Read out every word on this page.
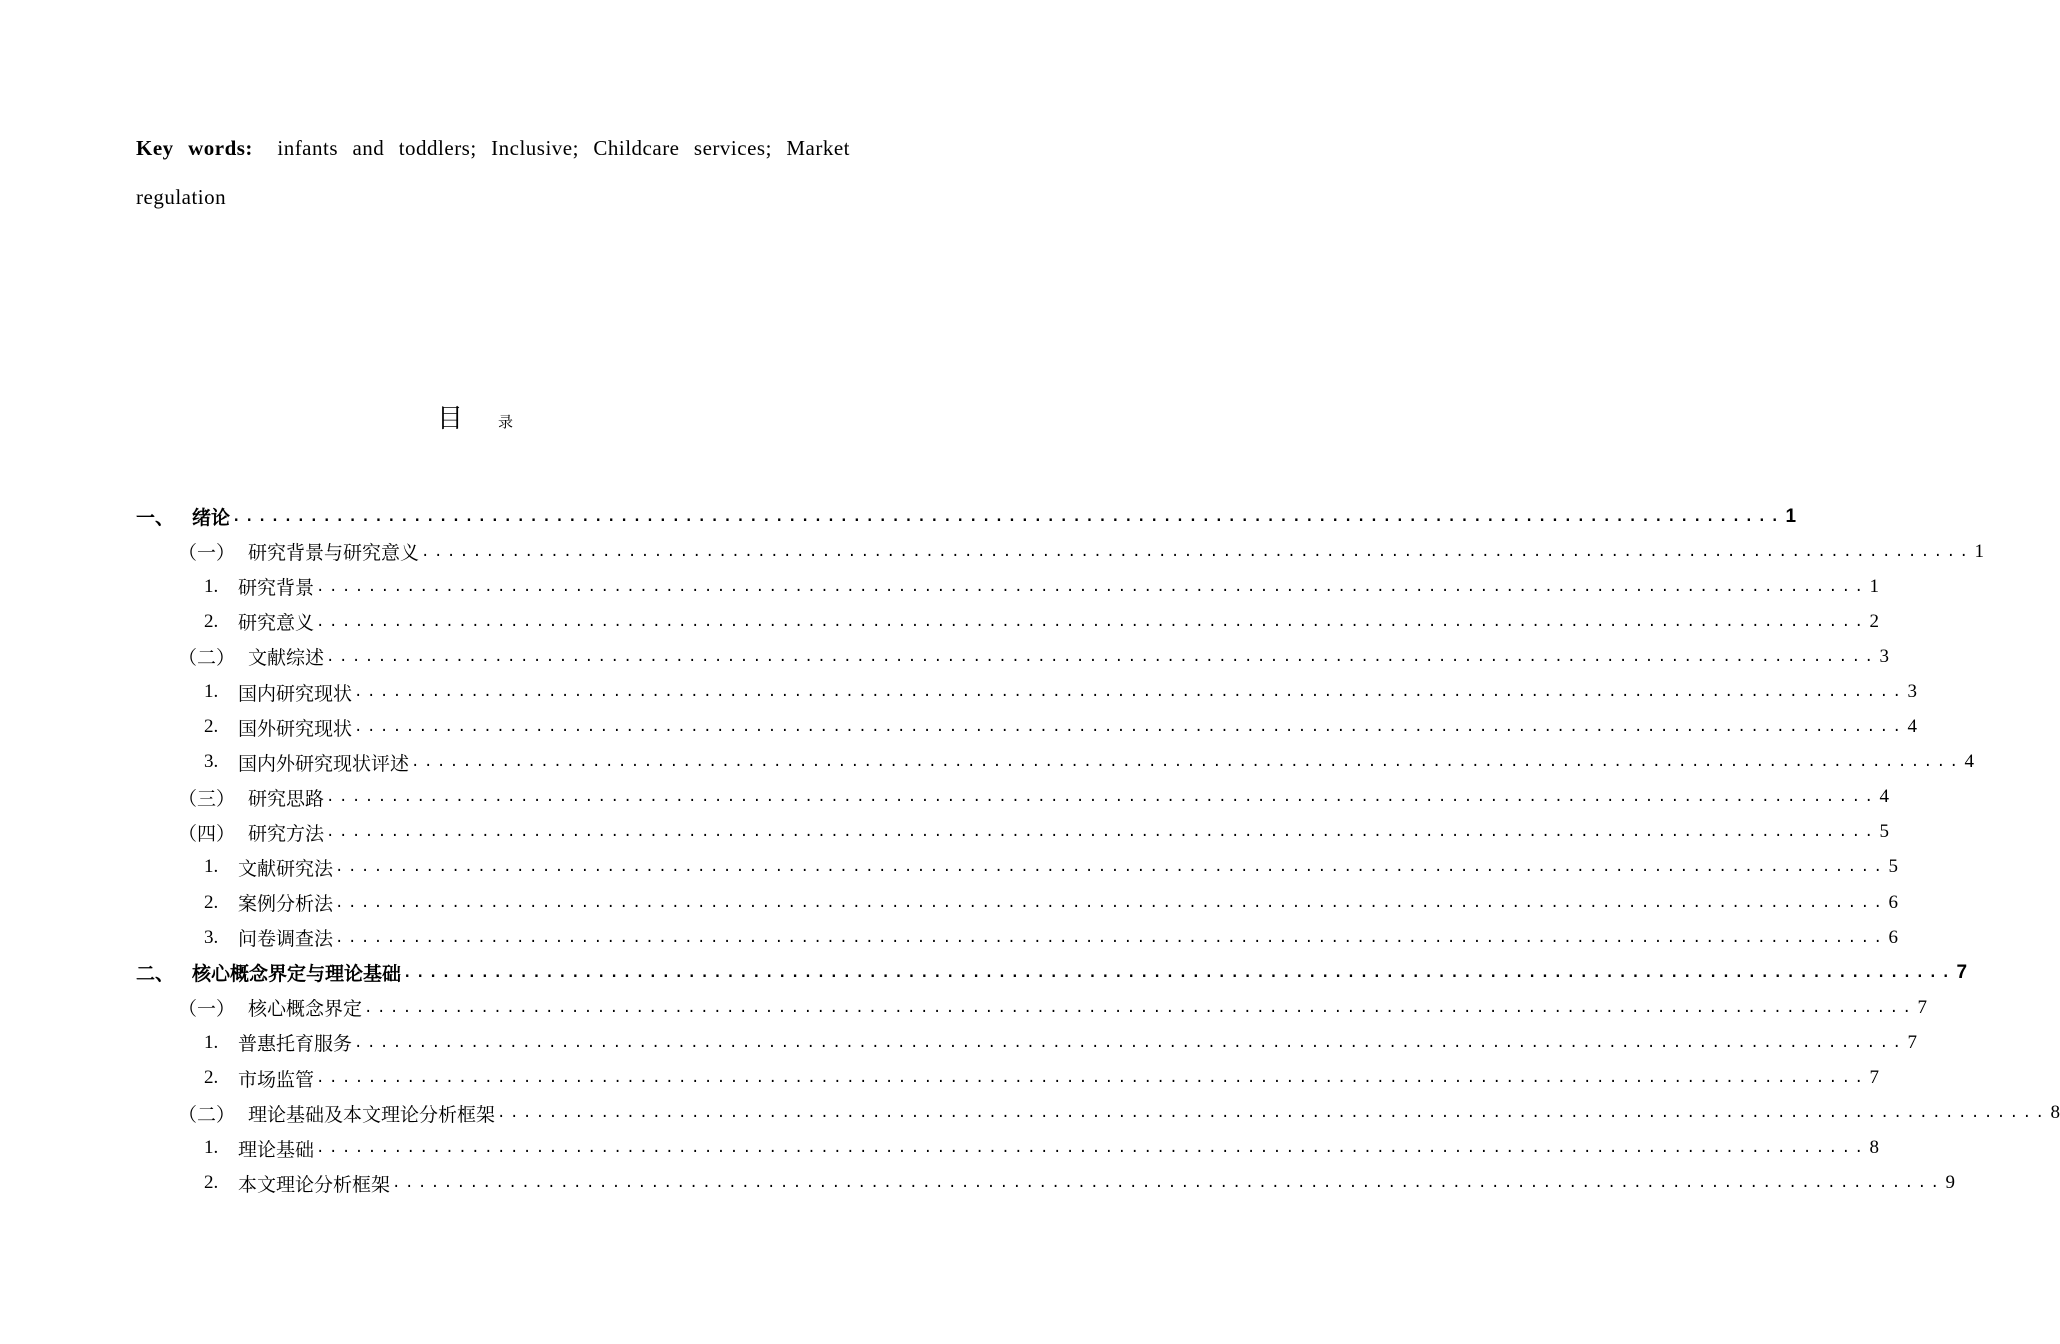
Key words: infants and toddlers; Inclusive; Childcare services; Market regulation
目 录
一、 绪论 ........................................................................................................................ 1
（一） 研究背景与研究意义 ........................................................................................................................ 1
1.	研究背景 ........................................................................................................................ 1
2.	研究意义 ........................................................................................................................ 2
（二） 文献综述 ........................................................................................................................ 3
1.	国内研究现状 ........................................................................................................................ 3
2.	国外研究现状 ........................................................................................................................ 4
3.	国内外研究现状评述 ........................................................................................................................ 4
（三） 研究思路 ........................................................................................................................ 4
（四） 研究方法 ........................................................................................................................ 5
1.	文献研究法 ........................................................................................................................ 5
2.	案例分析法 ........................................................................................................................ 6
3.	问卷调查法 ........................................................................................................................ 6
二、 核心概念界定与理论基础 ........................................................................................................................ 7
（一） 核心概念界定 ........................................................................................................................ 7
1.	普惠托育服务 ........................................................................................................................ 7
2.	市场监管 ........................................................................................................................ 7
（二） 理论基础及本文理论分析框架 ........................................................................................................................ 8
1.	理论基础 ........................................................................................................................ 8
2.	本文理论分析框架 ........................................................................................................................ 9
